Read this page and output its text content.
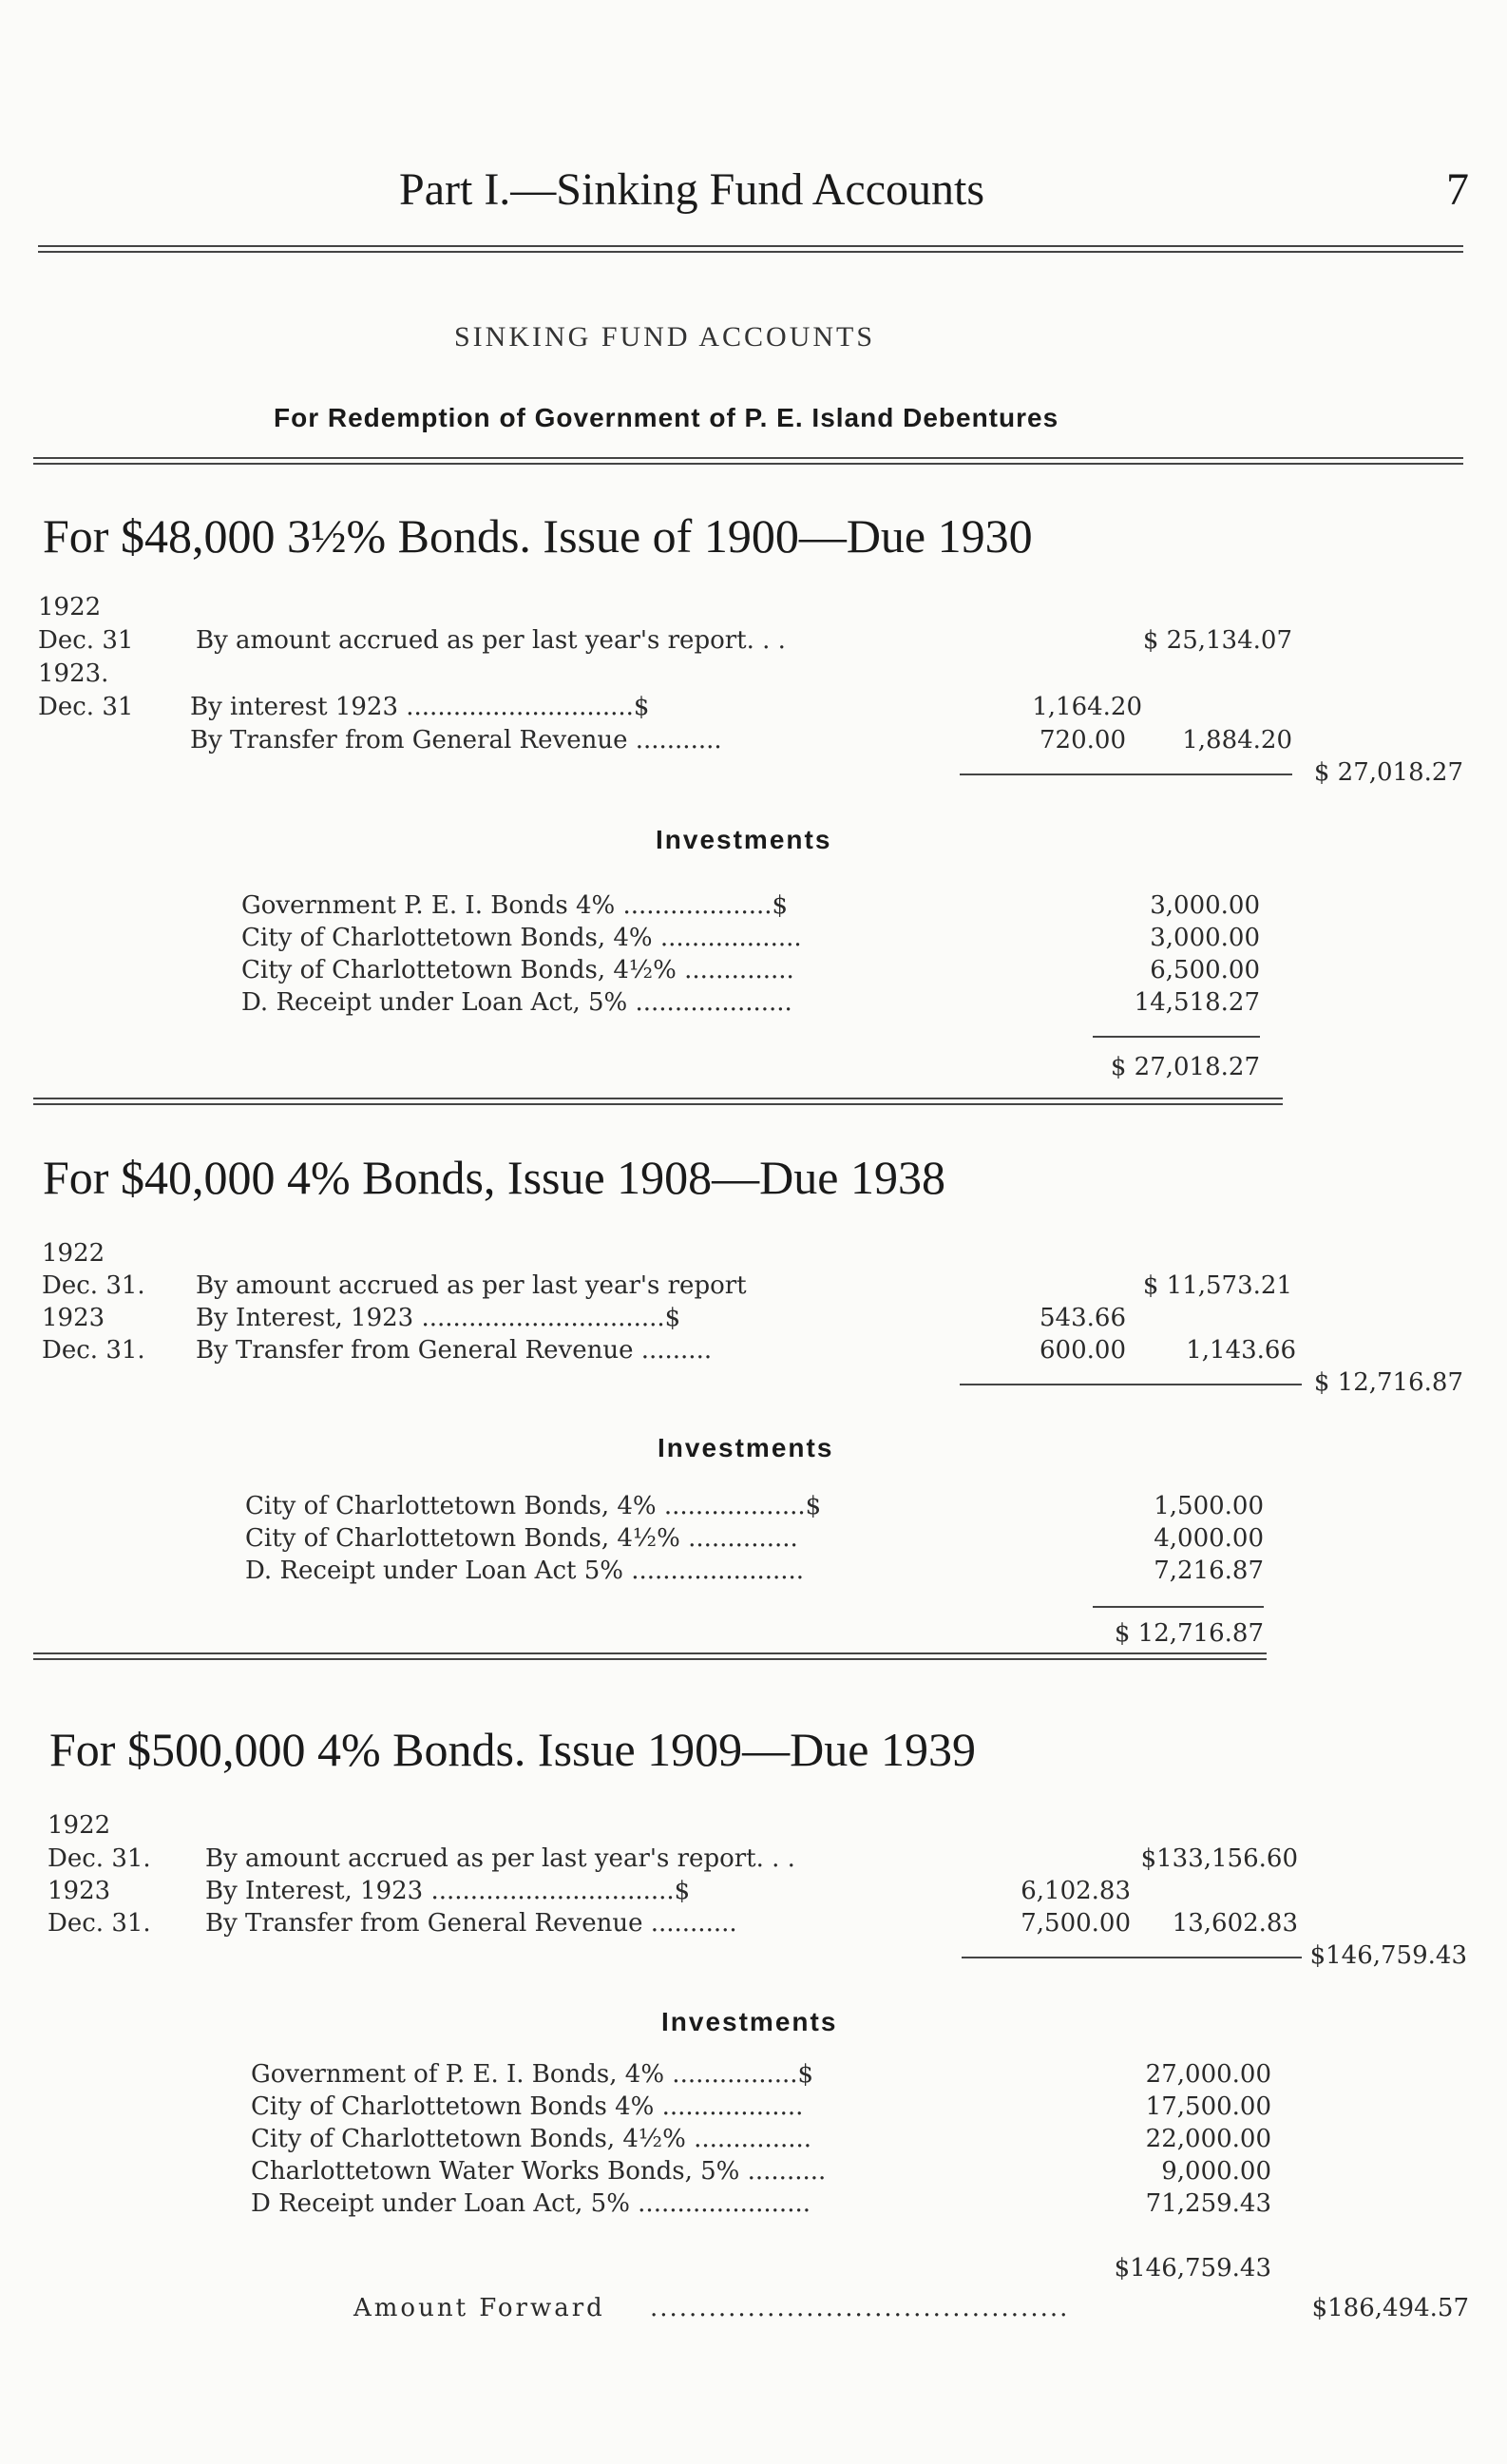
Part I.—Sinking Fund Accounts	7
SINKING FUND ACCOUNTS
For Redemption of Government of P. E. Island Debentures
For $48,000 3½% Bonds. Issue of 1900—Due 1930
1922
Dec. 31	By amount accrued as per last year's report. . .	$ 25,134.07
1923.
Dec. 31 By interest 1923 .............................$	1,164.20
By Transfer from General Revenue ...........	720.00 1,884.20
$ 27,018.27
Investments
Government P. E. I. Bonds 4% ...................$	3,000.00
City of Charlottetown Bonds, 4% ..................	3,000.00
City of Charlottetown Bonds, 4½% ..............	6,500.00
D. Receipt under Loan Act, 5% ....................	14,518.27
$ 27,018.27
For $40,000 4% Bonds, Issue 1908—Due 1938
1922
Dec. 31. By amount accrued as per last year's report	$ 11,573.21
1923	By Interest, 1923 ...............................$	543.66
Dec. 31. By Transfer from General Revenue .........	600.00 1,143.66
$ 12,716.87
Investments
City of Charlottetown Bonds, 4% ..................$	1,500.00
City of Charlottetown Bonds, 4½% ..............	4,000.00
D. Receipt under Loan Act 5% ......................	7,216.87
$ 12,716.87
For $500,000 4% Bonds. Issue 1909—Due 1939
1922
Dec. 31. By amount accrued as per last year's report. . .	$133,156.60
1923	By Interest, 1923 ...............................$	6,102.83
Dec. 31. By Transfer from General Revenue ...........	7,500.00 13,602.83
$146,759.43
Investments
Government of P. E. I. Bonds, 4% ................$	27,000.00
City of Charlottetown Bonds 4% ..................	17,500.00
City of Charlottetown Bonds, 4½% ...............	22,000.00
Charlottetown Water Works Bonds, 5% ..........	9,000.00
D Receipt under Loan Act, 5% ......................	71,259.43
$146,759.43
Amount Forward ...........................................	$186,494.57
